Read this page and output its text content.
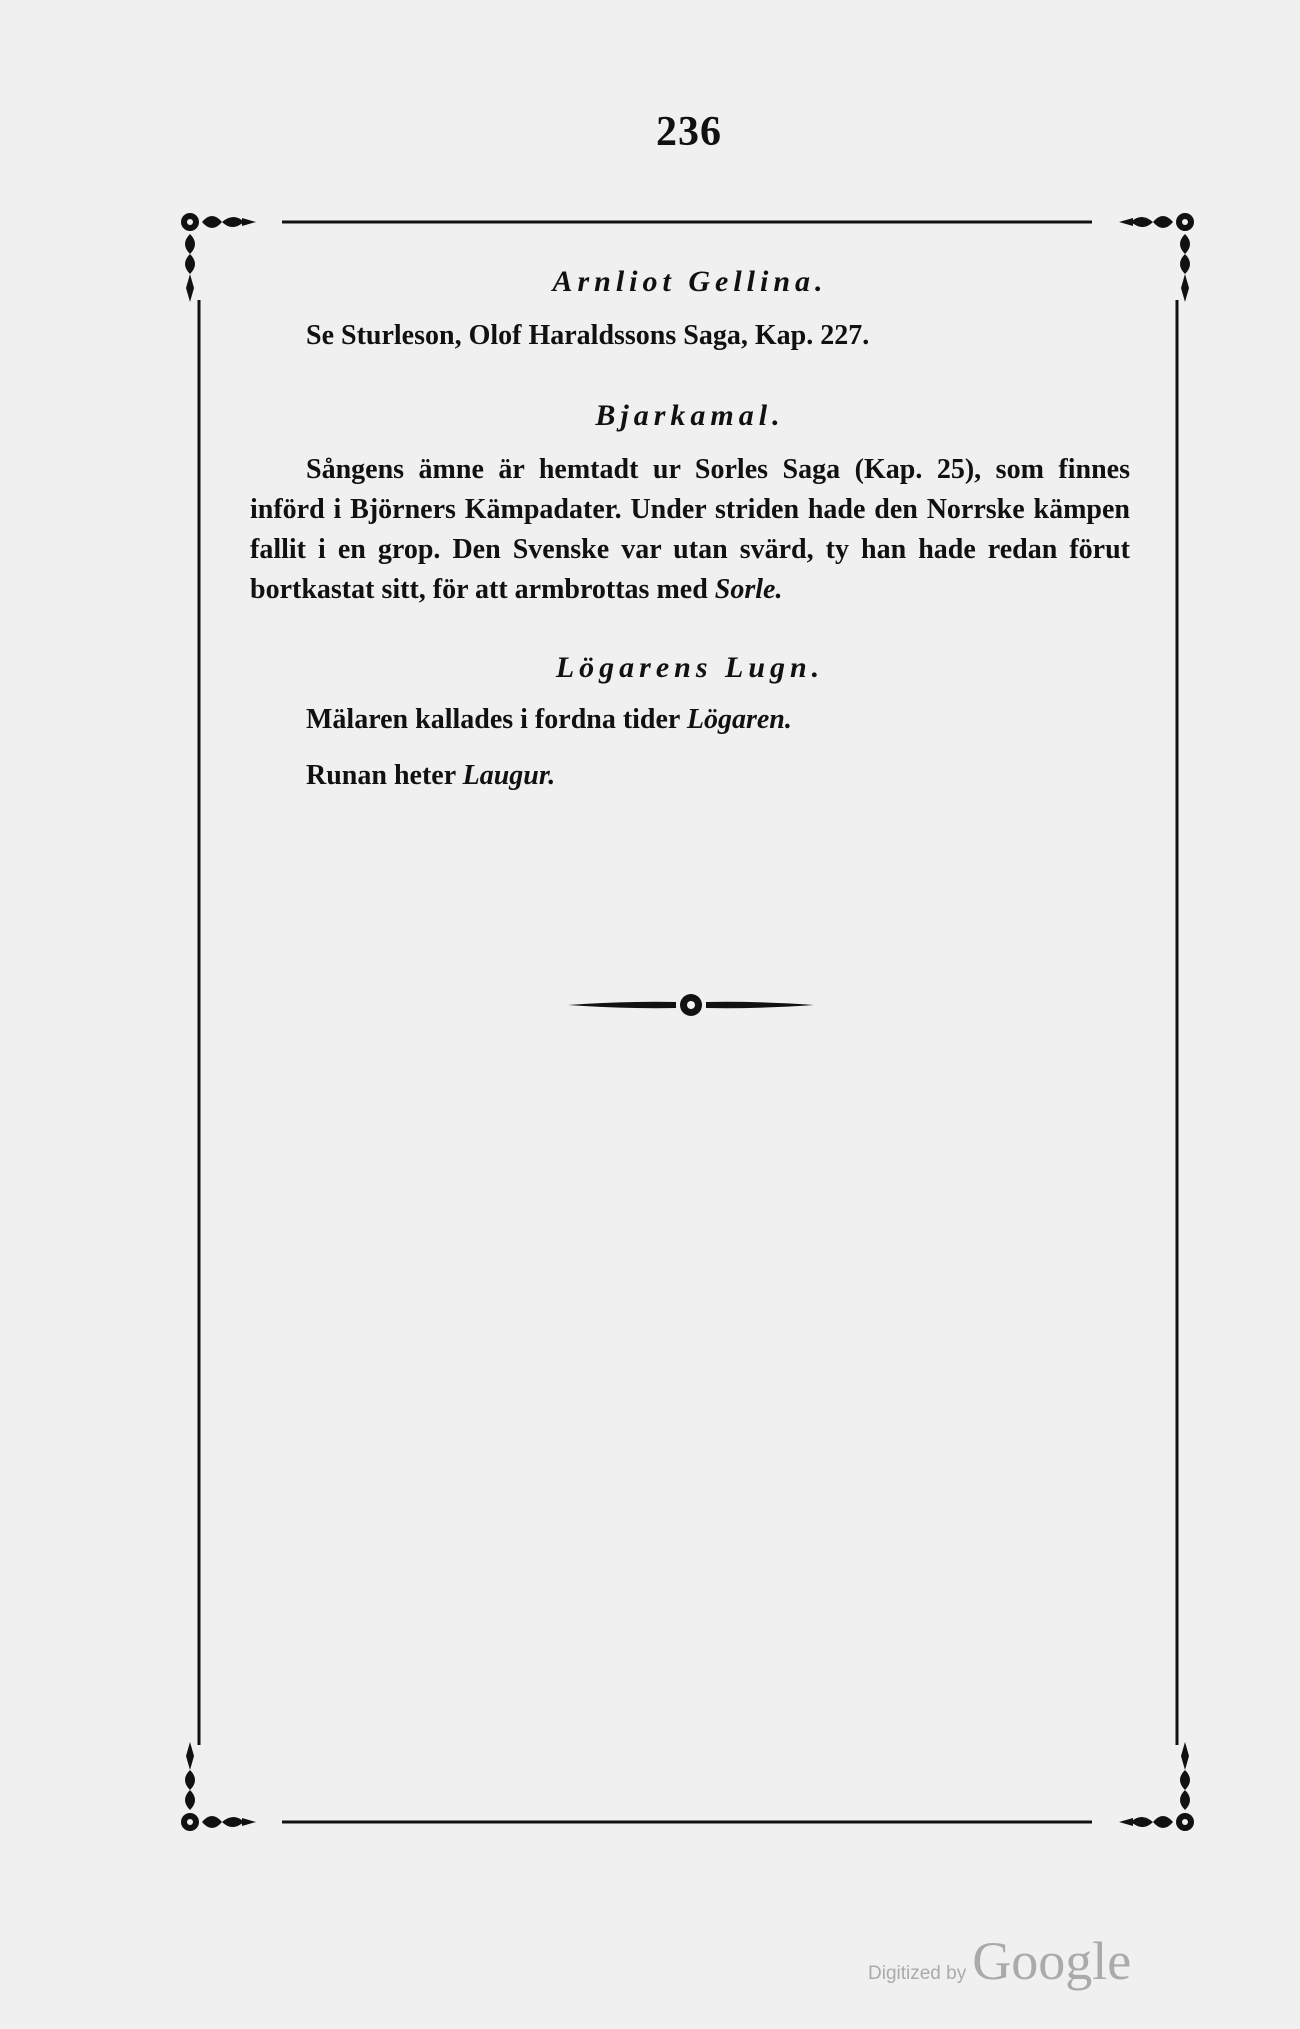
236

Arnliot Gellina.

Se Sturleson, Olof Haraldssons Saga, Kap. 227.

Bjarkamal.

Sångens ämne är hemtadt ur Sorles Saga (Kap. 25), som finnes införd i Björners Kämpadater. Under striden hade den Norrske kämpen fallit i en grop. Den Svenske var utan svärd, ty han hade redan förut bortkastat sitt, för att armbrottas med Sorle.

Lögarens Lugn.

Mälaren kallades i fordna tider Lögaren.

Runan heter Laugur.

Digitized by Google
